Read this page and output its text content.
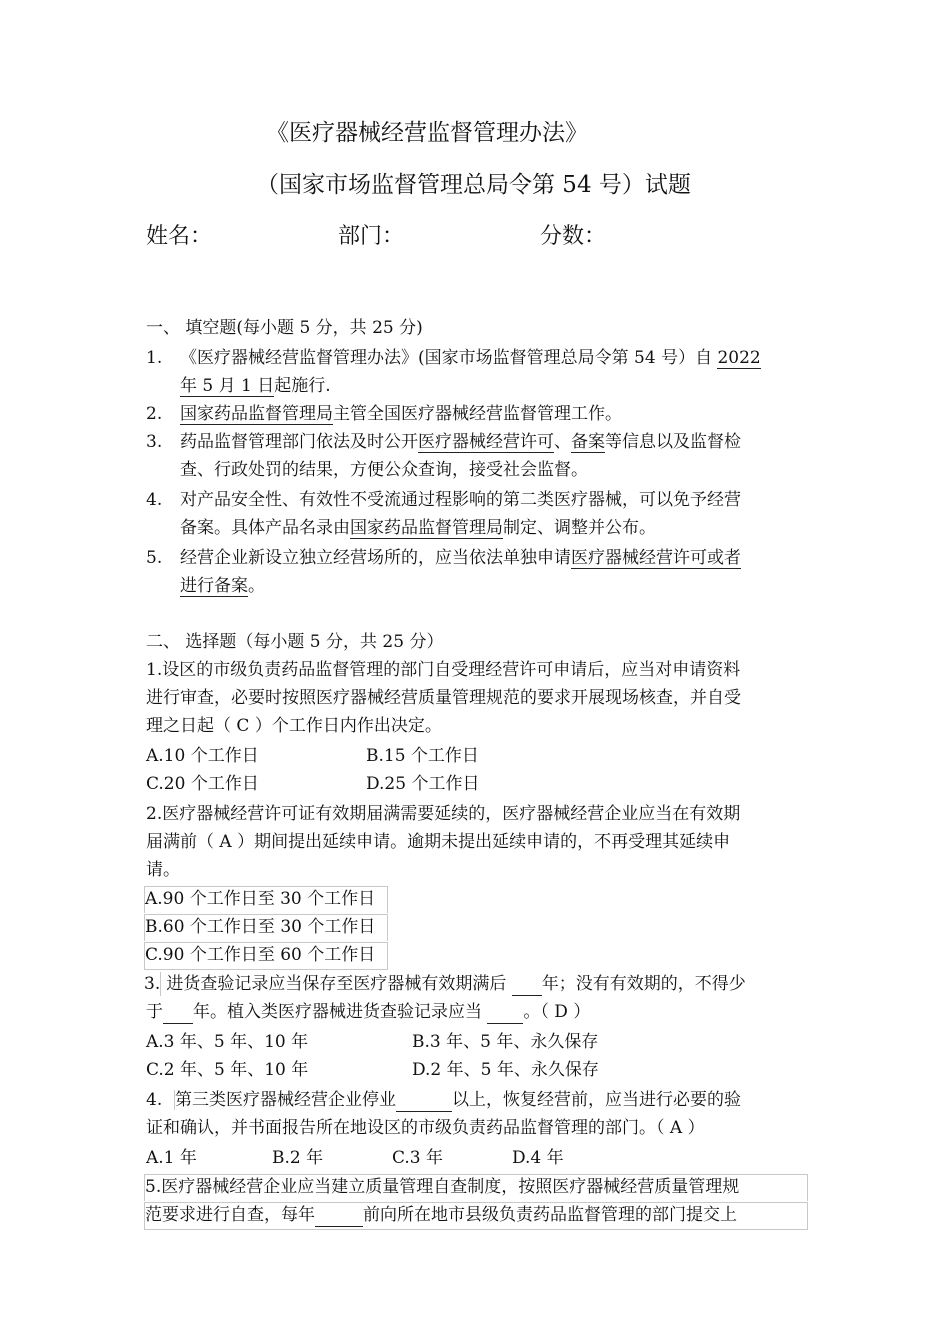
《医疗器械经营监督管理办法》
（国家市场监督管理总局令第 54 号）试题
姓名：	部门：	分数：
一、 填空题(每小题 5 分，共 25 分)
1. 《医疗器械经营监督管理办法》(国家市场监督管理总局令第 54 号）自 2022
年 5 月 1 日起施行.
2. 国家药品监督管理局主管全国医疗器械经营监督管理工作。
3. 药品监督管理部门依法及时公开医疗器械经营许可、备案等信息以及监督检
查、行政处罚的结果，方便公众查询，接受社会监督。
4. 对产品安全性、有效性不受流通过程影响的第二类医疗器械，可以免予经营
备案。具体产品名录由国家药品监督管理局制定、调整并公布。
5. 经营企业新设立独立经营场所的，应当依法单独申请医疗器械经营许可或者
进行备案。
二、 选择题（每小题 5 分，共 25 分）
1.设区的市级负责药品监督管理的部门自受理经营许可申请后，应当对申请资料
进行审查，必要时按照医疗器械经营质量管理规范的要求开展现场核查，并自受
理之日起（ C ）个工作日内作出决定。
A.10 个工作日	B.15 个工作日
C.20 个工作日	D.25 个工作日
2.医疗器械经营许可证有效期届满需要延续的，医疗器械经营企业应当在有效期
届满前（ A ）期间提出延续申请。逾期未提出延续申请的，不再受理其延续申
请。
A.90 个工作日至 30 个工作日
B.60 个工作日至 30 个工作日
C.90 个工作日至 60 个工作日
3. 进货查验记录应当保存至医疗器械有效期满后 年；没有有效期的，不得少
于 年。植入类医疗器械进货查验记录应当 。（ D ）
A.3 年、5 年、10 年	B.3 年、5 年、永久保存
C.2 年、5 年、10 年	D.2 年、5 年、永久保存
4. 第三类医疗器械经营企业停业	以上，恢复经营前，应当进行必要的验
证和确认，并书面报告所在地设区的市级负责药品监督管理的部门。（ A ）
A.1 年	B.2 年	C.3 年	D.4 年
5.医疗器械经营企业应当建立质量管理自查制度，按照医疗器械经营质量管理规
范要求进行自查，每年	前向所在地市县级负责药品监督管理的部门提交上
